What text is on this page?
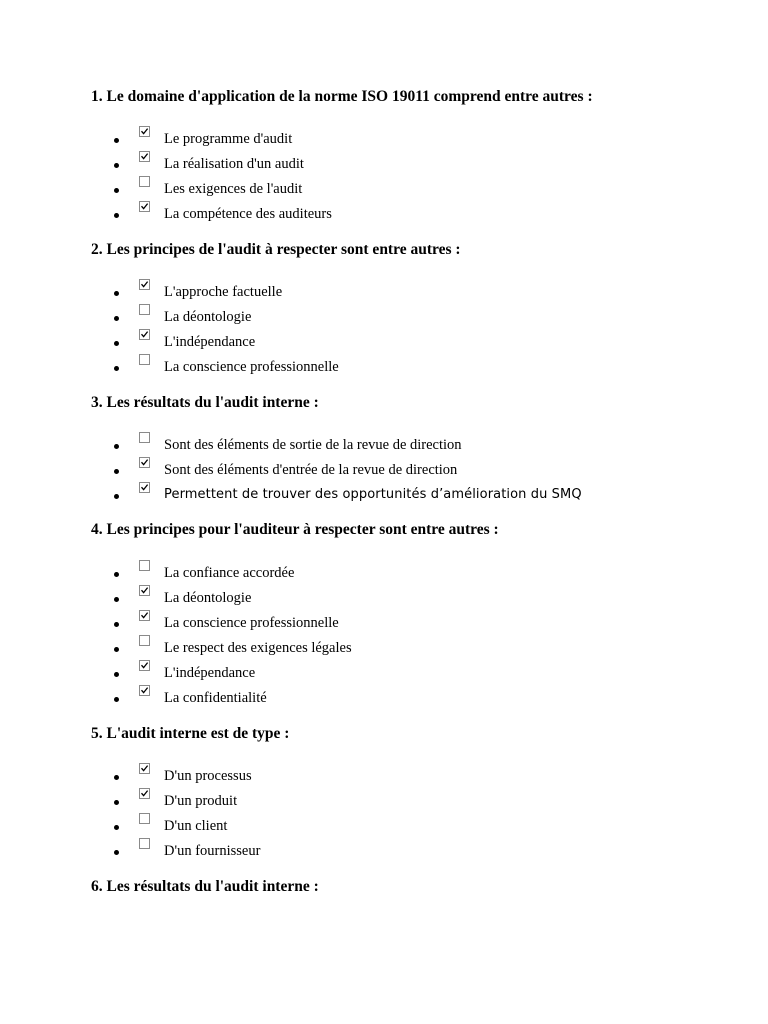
1. Le domaine d'application de la norme ISO 19011 comprend entre autres :
Le programme d'audit
La réalisation d'un audit
Les exigences de l'audit
La compétence des auditeurs
2. Les principes de l'audit à respecter sont entre autres :
L'approche factuelle
La déontologie
L'indépendance
La conscience professionnelle
3. Les résultats du l'audit interne :
Sont des éléments de sortie de la revue de direction
Sont des éléments d'entrée de la revue de direction
Permettent de trouver des opportunités d’amélioration du SMQ
4. Les principes pour l'auditeur à respecter sont entre autres :
La confiance accordée
La déontologie
La conscience professionnelle
Le respect des exigences légales
L'indépendance
La confidentialité
5. L'audit interne est de type :
D'un processus
D'un produit
D'un client
D'un fournisseur
6. Les résultats du l'audit interne :
